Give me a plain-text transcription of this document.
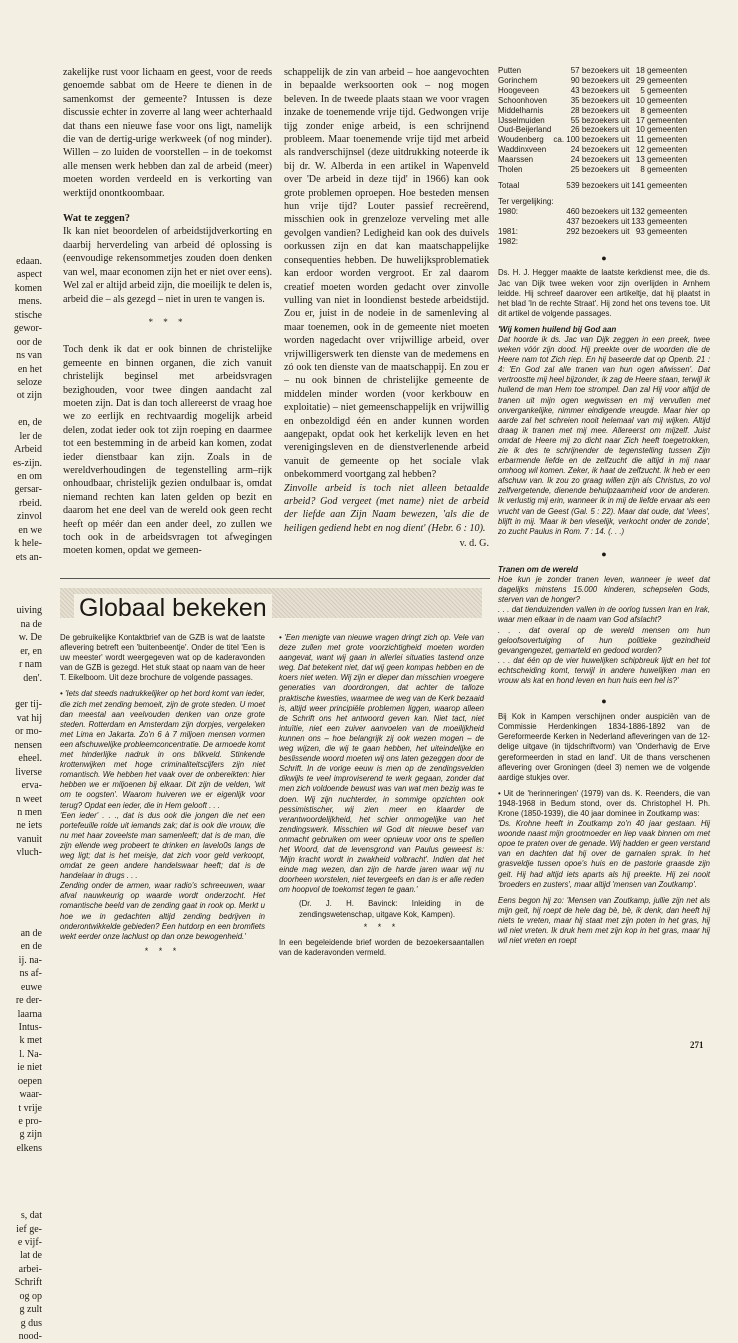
edaan.
aspect
komen
mens.
stische
gewor-
oor de
ns van
en het
seloze
ot zijn
en, de
ler de
Arbeid
es-zijn.
en om
gersar-
rbeid.
zinvol
en we
k hele-
ets an-
uiving
na de
w. De
er, en
r nam
den'.
ger tij-
vat hij
or mo-
nensen
eheel.
liverse
erva-
n weet
n men
ne iets
vanuit
vluch-
an de
en de
ij. na-
ns af-
euwe
re der-
laarna
Intus-
k met
l. Na-
ie niet
oepen
waar-
t vrije
e pro-
g zijn
elkens
s, dat
ief ge-
e vijf-
lat de
arbei-
Schrift
og op
g zult
g dus
nood-

zakelijke rust voor lichaam en geest, voor de reeds genoemde sabbat om de Heere te dienen in de samenkomst der gemeente? Intussen is deze discussie echter in zoverre al lang weer achterhaald dat thans een nieuwe fase voor ons ligt, namelijk die van de dertig-urige werkweek (of nog minder). Willen – zo luiden de voorstellen – in de toekomst alle mensen werk hebben dan zal de arbeid (meer) moeten worden verdeeld en is verkorting van werktijd onontkoombaar.

Wat te zeggen?

Ik kan niet beoordelen of arbeidstijdverkorting en daarbij herverdeling van arbeid dé oplossing is (eenvoudige rekensommetjes zouden doen denken van wel, maar economen zijn het er niet over eens). Wel zal er altijd arbeid zijn, die moeilijk te delen is, arbeid die – als gezegd – niet in uren te vangen is.

* * *

Toch denk ik dat er ook binnen de christelijke gemeente en binnen organen, die zich vanuit christelijk beginsel met arbeidsvragen bezighouden, voor twee dingen aandacht zal moeten zijn. Dat is dan toch allereerst de vraag hoe we zo eerlijk en rechtvaardig mogelijk arbeid delen, zodat ieder ook tot zijn roeping en daarmee tot een bestemming in de arbeid kan komen, zodat ieder dienstbaar kan zijn. Zoals in de wereldverhoudingen de tegenstelling arm–rijk onhoudbaar, christelijk gezien ondulbaar is, omdat niemand rechten kan laten gelden op bezit en daarom het ene deel van de wereld ook geen recht heeft op méér dan een ander deel, zo zullen we toch ook in de arbeidsvragen tot afwegingen moeten komen, opdat we gemeen-

schappelijk de zin van arbeid – hoe aangevochten in bepaalde werksoorten ook – nog mogen beleven. In de tweede plaats staan we voor vragen inzake de toenemende vrije tijd. Gedwongen vrije tijg zonder enige arbeid, is een schrijnend probleem. Maar toenemende vrije tijd met arbeid als randverschijnsel (deze uitdrukking noteerde ik bij dr. W. Alberda in een artikel in Wapenveld over 'De arbeid in deze tijd' in 1966) kan ook grote problemen oproepen. Hoe besteden mensen hun vrije tijd? Louter passief recreërend, misschien ook in grenzeloze verveling met alle gevolgen vandien? Ledigheid kan ook des duivels oorkussen zijn en dat kan maatschappelijke consequenties hebben. De huwelijksproblematiek kan erdoor worden vergroot. Er zal daarom creatief moeten worden gedacht over zinvolle vulling van niet in loondienst bestede arbeidstijd. Zou er, juist in de nodeie in de samenleving al maar toenemen, ook in de gemeente niet moeten worden nagedacht over vrijwillige arbeid, over vrijwilligerswerk ten dienste van de medemens en zó ook ten dienste van de maatschappij. En zou er – nu ook binnen de christelijke gemeente de middelen minder worden (voor kerkbouw en exploitatie) – niet gemeenschappelijk en vrijwillig en onbezoldigd één en ander kunnen worden aangepakt, opdat ook het kerkelijk leven en het verenigingsleven en de dienstverlenende arbeid vanuit de gemeente op het sociale vlak onbekommerd voortgang zal hebben?

Zinvolle arbeid is toch niet alleen betaalde arbeid? God vergeet (met name) niet de arbeid der liefde aan Zijn Naam bewezen, 'als die de heiligen gediend hebt en nog dient' (Hebr. 6 : 10).

v. d. G.

Globaal bekeken

De gebruikelijke Kontaktbrief van de GZB is wat de laatste aflevering betreft een 'buitenbeentje'. Onder de titel 'Een is uw meester' wordt weergegeven wat op de kaderavonden van de GZB is gezegd. Het stuk staat op naam van de heer T. Eikelboom. Uit deze brochure de volgende passages.

• 'Iets dat steeds nadrukkelijker op het bord komt van ieder, die zich met zending bemoeit, zijn de grote steden. U moet dan meestal aan veelvouden denken van onze grote steden. Rotterdam en Amsterdam zijn dorpjes, vergeleken met Lima en Jakarta. Zo'n 6 à 7 miljoen mensen vormen een afschuwelijke probleemconcentratie. De armoede komt met hinderlijke nadruk in ons blikveld. Stinkende krottenwijken met hoge criminaliteitscijfers zijn niet romantisch. We hebben het vaak over de onbereikten: hier hebben we er miljoenen bij elkaar. Dit zijn de velden, 'wit om te oogsten'. Waarom huiveren we er eigenlijk voor terug? Opdat een ieder, die in Hem gelooft . . .

'Een ieder' . . ., dat is dus ook die jongen die net een portefeuille rolde uit iemands zak; dat is ook die vrouw, die nu met haar zoveelste man samenleeft; dat is de man, die zijn ellende weg probeert te drinken en lavelo0s langs de weg ligt; dat is het meisje, dat zich voor geld verkoopt, omdat ze geen andere handelswaar heeft; dat is de handelaar in drugs . . .

Zending onder de armen, waar radio's schreeuwen, waar afval nauwkeurig op waarde wordt onderzocht. Het romantische beeld van de zending gaat in rook op. Merkt u hoe we in gedachten altijd zending bedrijven in onderontwikkelde gebieden? Een hutdorp en een bromfiets wekt eerder onze lachlust op dan onze bewogenheid.'

* * *

• 'Een menigte van nieuwe vragen dringt zich op. Vele van deze zullen met grote voorzichtigheid moeten worden aangevat, want wij gaan in allerlei situaties tastend onze weg. Dat betekent niet, dat wij geen kompas hebben en de koers niet weten. Wij zijn er dieper dan misschien vroegere generaties van doordrongen, dat achter de talloze praktische kwesties, waarmee de weg van de Kerk bezaaid is, altijd weer principiële problemen liggen, waarop alleen de Schrift ons het antwoord geven kan. Niet tact, niet intuïtie, niet een zuiver aanvoelen van de moeilijkheid kunnen ons – hoe belangrijk zij ook wezen mogen – de weg wijzen, die wij te gaan hebben, het uiteindelijke en beslissende woord moeten wij ons laten gezeggen door de Schrift. In de vorige eeuw is men op de zendingsvelden dikwijls te veel improviserend te werk gegaan, zonder dat men zich voldoende bewust was van wat men bezig was te doen. Wij zijn nuchterder, in sommige opzichten ook pessimistischer, wij zien meer en klaarder de verantwoordelijkheid, het schier onmogelijke van het zendingswerk. Misschien wil God dit nieuwe besef van onmacht gebruiken om weer opnieuw voor ons te spellen het Woord, dat de levensgrond van Paulus geweest is: 'Mijn kracht wordt in zwakheid volbracht'. Indien dat het einde mag wezen, dan zijn de harde jaren waar wij nu doorheen worstelen, niet tevergeefs en dan is er alle reden om hoopvol de toekomst tegen te gaan.'

(Dr. J. H. Bavinck: Inleiding in de zendingswetenschap, uitgave Kok, Kampen).

* * *

In een begeleidende brief worden de bezoekersaantallen van de kaderavonden vermeld.

Putten	57 bezoekers uit	18 gemeenten
Gorinchem	90 bezoekers uit	29 gemeenten
Hoogeveen	43 bezoekers uit	5 gemeenten
Schoonhoven	35 bezoekers uit	10 gemeenten
Middelharnis	28 bezoekers uit	8 gemeenten
IJsselmuiden	55 bezoekers uit	17 gemeenten
Oud-Beijerland	26 bezoekers uit	10 gemeenten
Woudenberg	ca. 100 bezoekers uit	11 gemeenten
Waddinxveen	24 bezoekers uit	12 gemeenten
Maarssen	24 bezoekers uit	13 gemeenten
Tholen	25 bezoekers uit	8 gemeenten

Totaal	539 bezoekers uit	141 gemeenten

Ter vergelijking:		
1980:	460 bezoekers uit	132 gemeenten
	437 bezoekers uit	133 gemeenten
1981:	292 bezoekers uit	93 gemeenten
1982:		
●

Ds. H. J. Hegger maakte de laatste kerkdienst mee, die ds. Jac van Dijk twee weken voor zijn overlijden in Arnhem leidde. Hij schreef daarover een artikeltje, dat hij plaatst in het blad 'In de rechte Straat'. Hij zond het ons tevens toe. Uit dit artikel de volgende passages.

'Wij komen huilend bij God aan

Dat hoorde ik ds. Jac van Dijk zeggen in een preek, twee weken vóór zijn dood. Hij preekte over de woorden die de Heere nam tot Zich riep. En hij baseerde dat op Openb. 21 : 4: 'En God zal alle tranen van hun ogen afwissen'. Dat vertroostte mij heel bijzonder, ik zag de Heere staan, terwijl ik huilend de man Hem toe strompel. Dan zal Hij voor altijd de tranen uit mijn ogen wegwissen en mij vervullen met onvergankelijke, nimmer eindigende vreugde. Maar hier op aarde zal het schreien nooit helemaal van mij wijken. Altijd draag ik tranen met mij mee. Allereerst om mijzelf. Juist omdat de Heere mij zo dicht naar Zich heeft toegetrokken, zie ik des te schrijnender de tegenstelling tussen Zijn erbarmende liefde en de zelfzucht die altijd in mij naar omhoog wil komen. Zeker, ik haat de zelfzucht. Ik heb er een afschuw van. Ik zou zo graag willen zijn als Christus, zo vol zelfvergetende, dienende behulpzaamheid voor de anderen. Ik verlustig mij erin, wanneer ik in mij de liefde ervaar als een vrucht van de Geest (Gal. 5 : 22). Maar dat oude, dat 'vlees', blijft in mij. 'Maar ik ben vleselijk, verkocht onder de zonde', zo zucht Paulus in Rom. 7 : 14. (. . .)

●

Tranen om de wereld

Hoe kun je zonder tranen leven, wanneer je weet dat dagelijks minstens 15.000 kinderen, schepselen Gods, sterven van de honger?

. . . dat tienduizenden vallen in de oorlog tussen Iran en Irak, waar men elkaar in de naam van God afslacht?

. . . dat overal op de wereld mensen om hun geloofsovertuiging of hun politieke gezindheid gevangengezet, gemarteld en gedood worden?

. . . dat één op de vier huwelijken schipbreuk lijdt en het tot echtscheiding komt, terwijl in andere huwelijken man en vrouw als kat en hond leven en hun huis een hel is?'

●

Bij Kok in Kampen verschijnen onder auspiciën van de Commissie Herdenkingen 1834-1886-1892 van de Gereformeerde Kerken in Nederland afleveringen van de 12-delige uitgave (in tijdschriftvorm) van 'Onderhavig de Erve gereformeerden in stad en land'. Uit de thans verschenen aflevering over Groningen (deel 3) nemen we de volgende aardige stukjes over.

• Uit de 'herinneringen' (1979) van ds. K. Reenders, die van 1948-1968 in Bedum stond, over ds. Christophel H. Ph. Krone (1850-1939), die 40 jaar dominee in Zoutkamp was:

'Ds. Krohne heeft in Zoutkamp zo'n 40 jaar gestaan. Hij woonde naast mijn grootmoeder en liep vaak binnen om met opoe te praten over de genade. Wij hadden er geen verstand van en dachten dat hij over de garnalen sprak. In het grasveldje tussen opoe's huis en de pastorie graasde zijn geit. Hij had altijd iets aparts als hij preekte. Hij zei nooit 'broeders en zusters', maar altijd 'mensen van Zoutkamp'.

Eens begon hij zo: 'Mensen van Zoutkamp, jullie zijn net als mijn geit, hij roept de hele dag bè, bè, ik denk, dan heeft hij niets te vreten, maar hij staat met zijn poten in het gras, hij wil niet vreten. Ik druk hem met zijn kop in het gras, maar hij wil niet vreten en roept

271
